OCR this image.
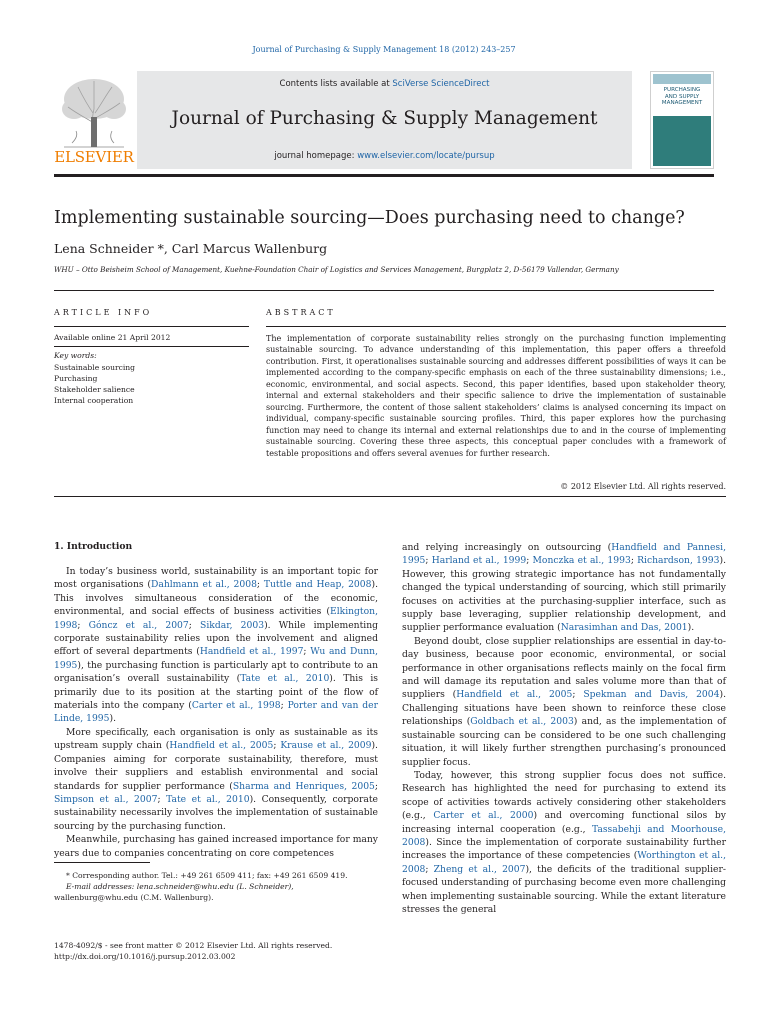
Journal of Purchasing & Supply Management 18 (2012) 243–257
Contents lists available at SciVerse ScienceDirect
Journal of Purchasing & Supply Management
journal homepage: www.elsevier.com/locate/pursup
ELSEVIER
PURCHASING
AND SUPPLY
MANAGEMENT
Implementing sustainable sourcing—Does purchasing need to change?
Lena Schneider *, Carl Marcus Wallenburg
WHU – Otto Beisheim School of Management, Kuehne-Foundation Chair of Logistics and Services Management, Burgplatz 2, D-56179 Vallendar, Germany
ARTICLE INFO
Available online 21 April 2012
Key words:
Sustainable sourcing
Purchasing
Stakeholder salience
Internal cooperation
ABSTRACT

The implementation of corporate sustainability relies strongly on the purchasing function implementing sustainable sourcing. To advance understanding of this implementation, this paper offers a threefold contribution. First, it operationalises sustainable sourcing and addresses different possibilities of ways it can be implemented according to the company-specific emphasis on each of the three sustainability dimensions; i.e., economic, environmental, and social aspects. Second, this paper identifies, based upon stakeholder theory, internal and external stakeholders and their specific salience to drive the implementation of sustainable sourcing. Furthermore, the content of those salient stakeholders’ claims is analysed concerning its impact on individual, company-specific sustainable sourcing profiles. Third, this paper explores how the purchasing function may need to change its internal and external relationships due to and in the course of implementing sustainable sourcing. Covering these three aspects, this conceptual paper concludes with a framework of testable propositions and offers several avenues for further research.

© 2012 Elsevier Ltd. All rights reserved.
1. Introduction

In today’s business world, sustainability is an important topic for most organisations (Dahlmann et al., 2008; Tuttle and Heap, 2008). This involves simultaneous consideration of the economic, environmental, and social effects of business activities (Elkington, 1998; Góncz et al., 2007; Sikdar, 2003). While implementing corporate sustainability relies upon the involvement and aligned effort of several departments (Handfield et al., 1997; Wu and Dunn, 1995), the purchasing function is particularly apt to contribute to an organisation’s overall sustainability (Tate et al., 2010). This is primarily due to its position at the starting point of the flow of materials into the company (Carter et al., 1998; Porter and van der Linde, 1995).

More specifically, each organisation is only as sustainable as its upstream supply chain (Handfield et al., 2005; Krause et al., 2009). Companies aiming for corporate sustainability, therefore, must involve their suppliers and establish environmental and social standards for supplier performance (Sharma and Henriques, 2005; Simpson et al., 2007; Tate et al., 2010). Consequently, corporate sustainability necessarily involves the implementation of sustainable sourcing by the purchasing function.

Meanwhile, purchasing has gained increased importance for many years due to companies concentrating on core competences

and relying increasingly on outsourcing (Handfield and Pannesi, 1995; Harland et al., 1999; Monczka et al., 1993; Richardson, 1993). However, this growing strategic importance has not fundamentally changed the typical understanding of sourcing, which still primarily focuses on activities at the purchasing-supplier interface, such as supply base leveraging, supplier relationship development, and supplier performance evaluation (Narasimhan and Das, 2001).

Beyond doubt, close supplier relationships are essential in day-to-day business, because poor economic, environmental, or social performance in other organisations reflects mainly on the focal firm and will damage its reputation and sales volume more than that of suppliers (Handfield et al., 2005; Spekman and Davis, 2004). Challenging situations have been shown to reinforce these close relationships (Goldbach et al., 2003) and, as the implementation of sustainable sourcing can be considered to be one such challenging situation, it will likely further strengthen purchasing’s pronounced supplier focus.

Today, however, this strong supplier focus does not suffice. Research has highlighted the need for purchasing to extend its scope of activities towards actively considering other stakeholders (e.g., Carter et al., 2000) and overcoming functional silos by increasing internal cooperation (e.g., Tassabehji and Moorhouse, 2008). Since the implementation of corporate sustainability further increases the importance of these competencies (Worthington et al., 2008; Zheng et al., 2007), the deficits of the traditional supplier-focused understanding of purchasing become even more challenging when implementing sustainable sourcing. While the extant literature stresses the general

* Corresponding author. Tel.: +49 261 6509 411; fax: +49 261 6509 419.
E-mail addresses: lena.schneider@whu.edu (L. Schneider),
wallenburg@whu.edu (C.M. Wallenburg).
1478-4092/$ - see front matter © 2012 Elsevier Ltd. All rights reserved.
http://dx.doi.org/10.1016/j.pursup.2012.03.002
